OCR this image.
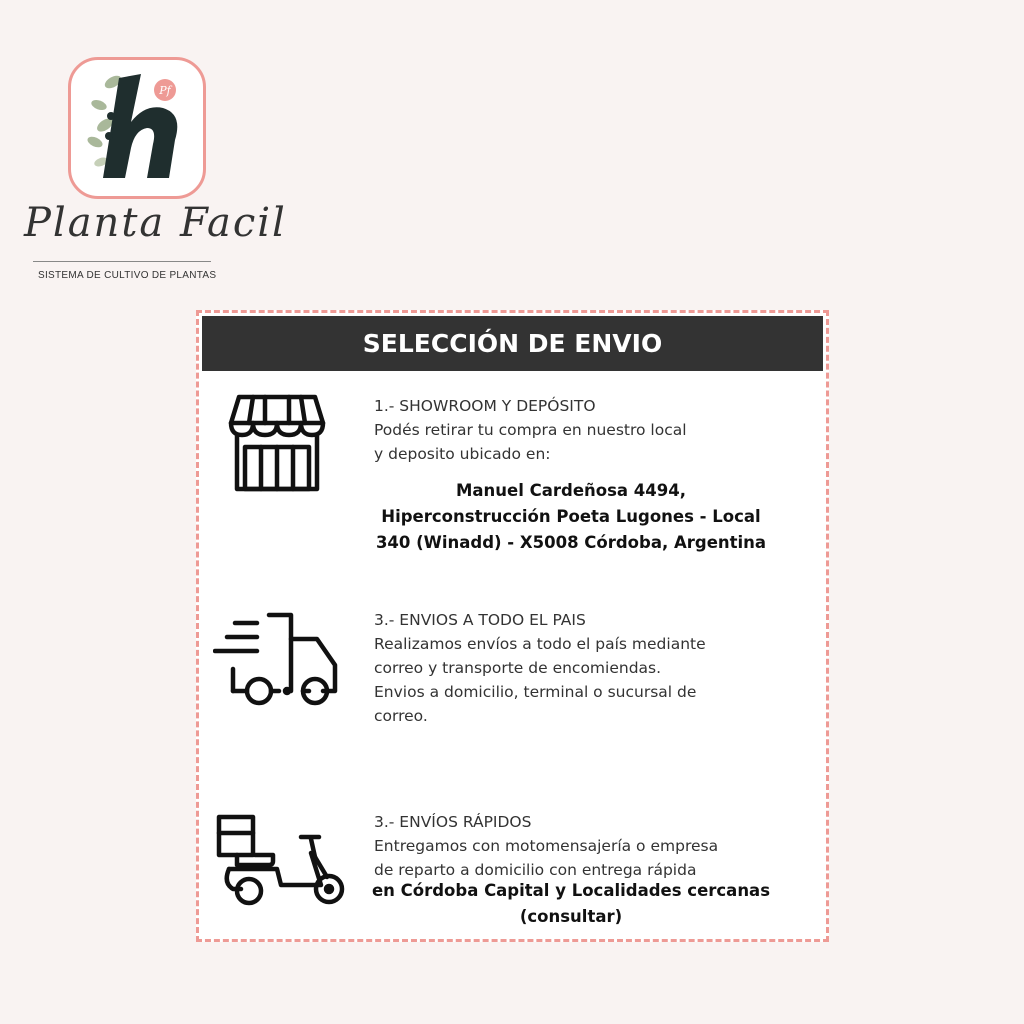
Pf
Planta Facil
SISTEMA DE CULTIVO DE PLANTAS
SELECCIÓN DE ENVIO
1.- SHOWROOM Y DEPÓSITO
Podés retirar tu compra en nuestro local
y deposito ubicado en:
Manuel Cardeñosa 4494,
Hiperconstrucción Poeta Lugones - Local
340 (Winadd) - X5008 Córdoba, Argentina
3.- ENVIOS A TODO EL PAIS
Realizamos envíos a todo el país mediante
correo y transporte de encomiendas.
Envios a domicilio, terminal o sucursal de
correo.
3.- ENVÍOS RÁPIDOS
Entregamos con motomensajería o empresa
de reparto a domicilio con entrega rápida
en Córdoba Capital y Localidades cercanas
(consultar)
